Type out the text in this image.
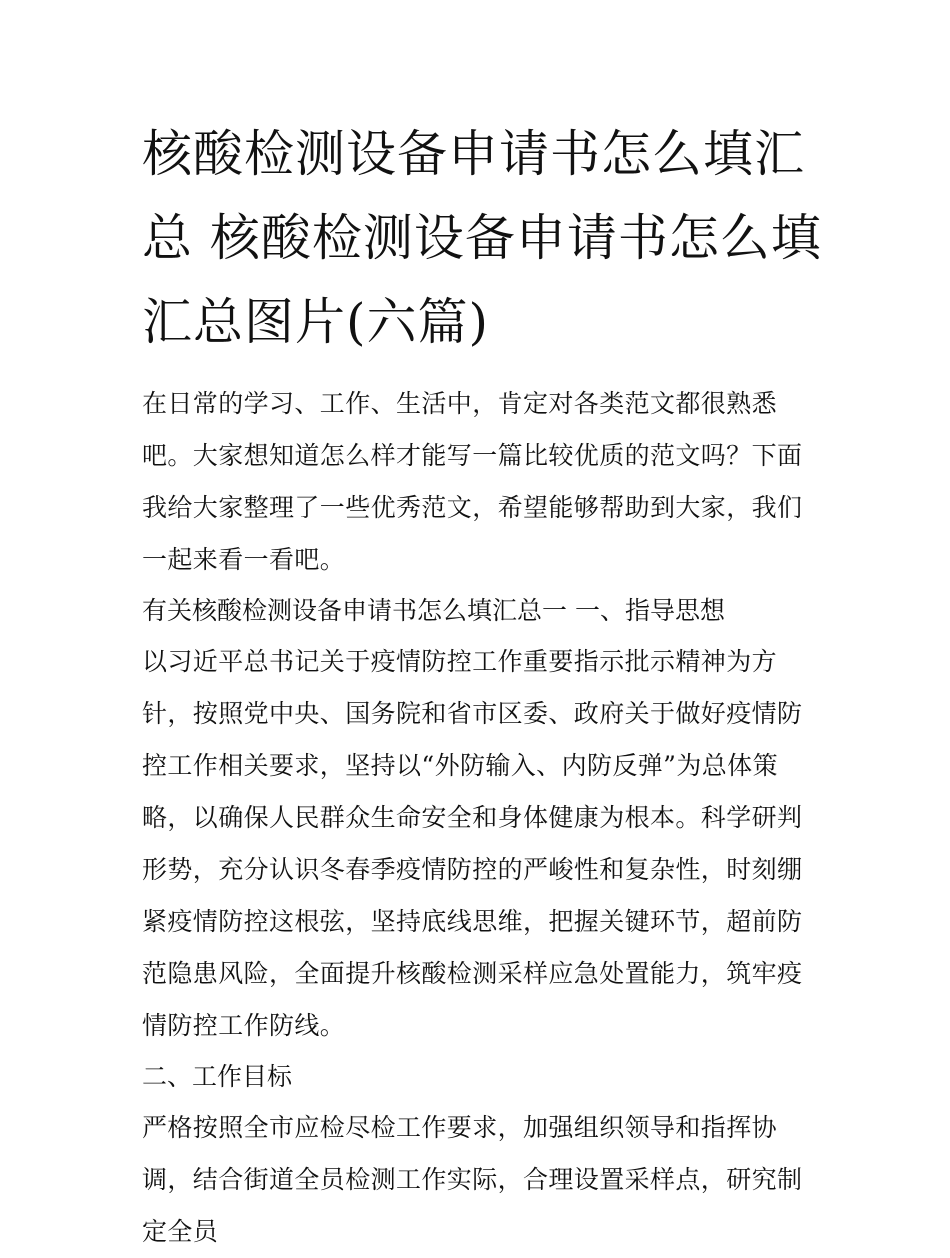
核酸检测设备申请书怎么填汇总 核酸检测设备申请书怎么填汇总图片(六篇)

在日常的学习、工作、生活中，肯定对各类范文都很熟悉吧。大家想知道怎么样才能写一篇比较优质的范文吗？下面我给大家整理了一些优秀范文，希望能够帮助到大家，我们一起来看一看吧。

有关核酸检测设备申请书怎么填汇总一 一、指导思想

以习近平总书记关于疫情防控工作重要指示批示精神为方针，按照党中央、国务院和省市区委、政府关于做好疫情防控工作相关要求，坚持以“外防输入、内防反弹”为总体策略，以确保人民群众生命安全和身体健康为根本。科学研判形势，充分认识冬春季疫情防控的严峻性和复杂性，时刻绷紧疫情防控这根弦，坚持底线思维，把握关键环节，超前防范隐患风险，全面提升核酸检测采样应急处置能力，筑牢疫情防控工作防线。

二、工作目标

严格按照全市应检尽检工作要求，加强组织领导和指挥协调，结合街道全员检测工作实际，合理设置采样点，研究制定全员
